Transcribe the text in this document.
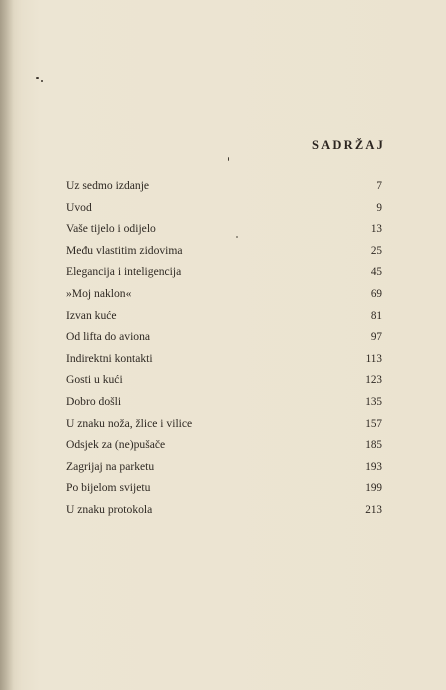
SADRŽAJ
Uz sedmo izdanje	7
Uvod	9
Vaše tijelo i odijelo	13
Među vlastitim zidovima	25
Elegancija i inteligencija	45
»Moj naklon«	69
Izvan kuće	81
Od lifta do aviona	97
Indirektni kontakti	113
Gosti u kući	123
Dobro došli	135
U znaku noža, žlice i vilice	157
Odsjek za (ne)pušače	185
Zagrijaj na parketu	193
Po bijelom svijetu	199
U znaku protokola	213
